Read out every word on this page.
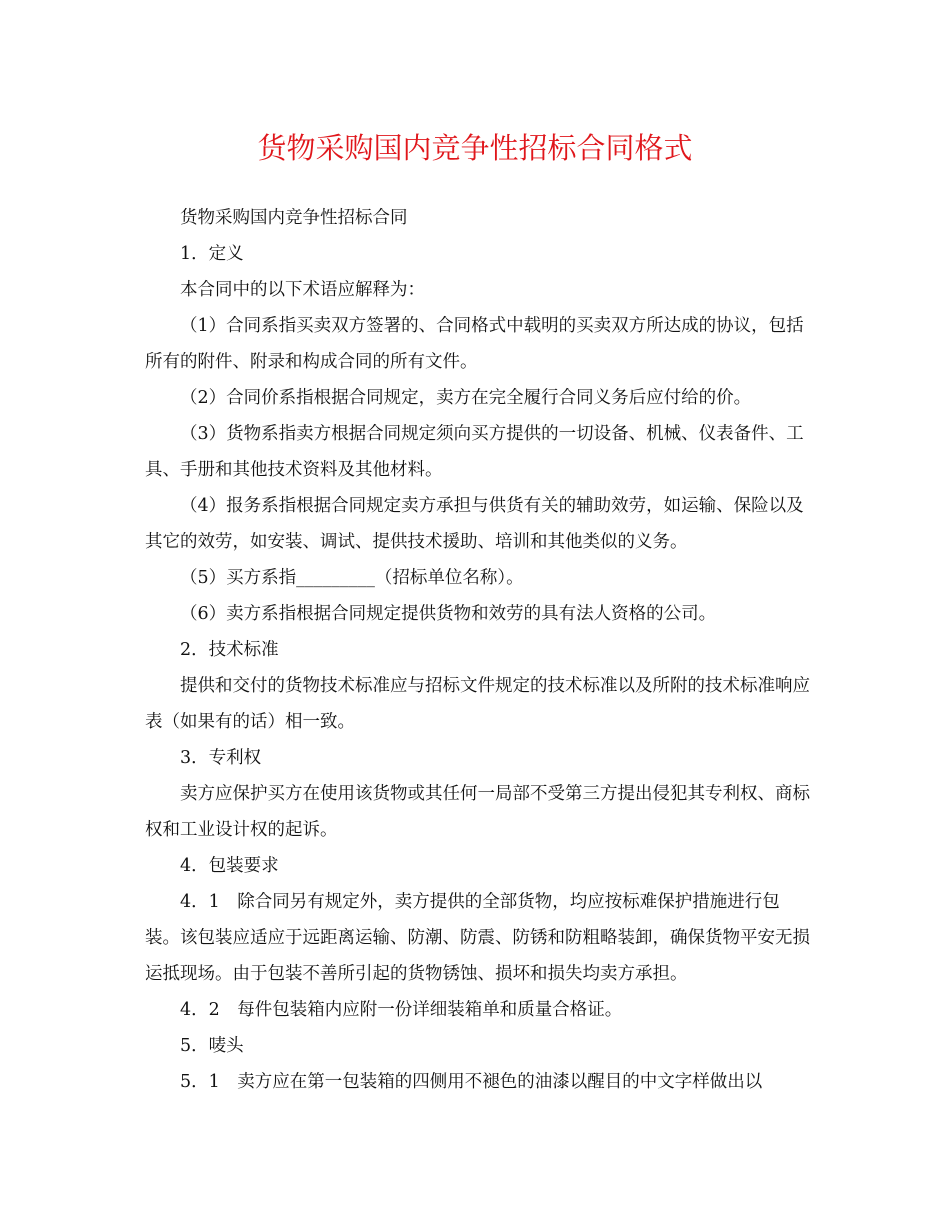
货物采购国内竞争性招标合同格式

货物采购国内竞争性招标合同

1．定义

本合同中的以下术语应解释为：

（1）合同系指买卖双方签署的、合同格式中载明的买卖双方所达成的协议，包括所有的附件、附录和构成合同的所有文件。

（2）合同价系指根据合同规定，卖方在完全履行合同义务后应付给的价。

（3）货物系指卖方根据合同规定须向买方提供的一切设备、机械、仪表备件、工具、手册和其他技术资料及其他材料。

（4）报务系指根据合同规定卖方承担与供货有关的辅助效劳，如运输、保险以及其它的效劳，如安装、调试、提供技术援助、培训和其他类似的义务。

（5）买方系指_________（招标单位名称）。

（6）卖方系指根据合同规定提供货物和效劳的具有法人资格的公司。

2．技术标准

提供和交付的货物技术标准应与招标文件规定的技术标准以及所附的技术标准响应表（如果有的话）相一致。

3．专利权

卖方应保护买方在使用该货物或其任何一局部不受第三方提出侵犯其专利权、商标权和工业设计权的起诉。

4．包装要求

4．1　除合同另有规定外，卖方提供的全部货物，均应按标难保护措施进行包装。该包装应适应于远距离运输、防潮、防震、防锈和防粗略装卸，确保货物平安无损运抵现场。由于包装不善所引起的货物锈蚀、损坏和损失均卖方承担。

4．2　每件包装箱内应附一份详细装箱单和质量合格证。

5．唛头

5．1　卖方应在第一包装箱的四侧用不褪色的油漆以醒目的中文字样做出以
